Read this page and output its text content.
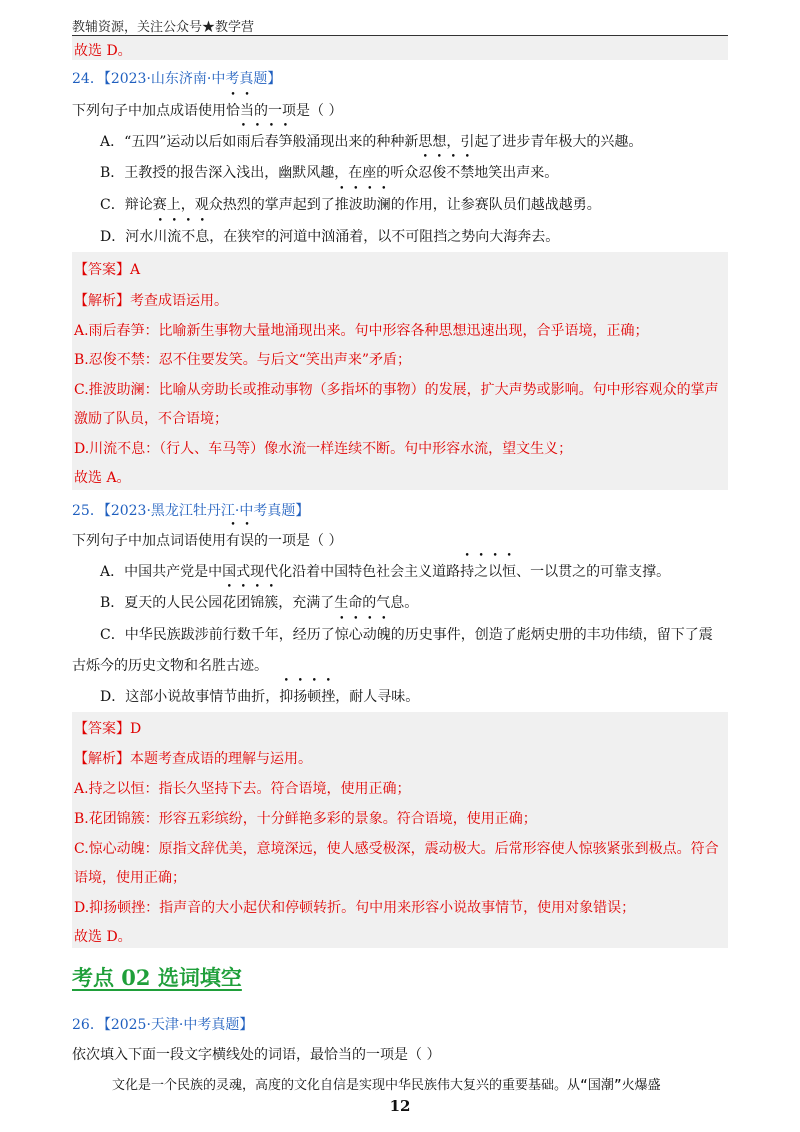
教辅资源，关注公众号★教学营
故选 D。
24．【2023·山东济南·中考真题】
下列句子中加点成语使用恰当的一项是（ ）
A．“五四”运动以后如雨后春笋般涌现出来的种种新思想，引起了进步青年极大的兴趣。
B．王教授的报告深入浅出，幽默风趣，在座的听众忍俊不禁地笑出声来。
C．辩论赛上，观众热烈的掌声起到了推波助澜的作用，让参赛队员们越战越勇。
D．河水川流不息，在狭窄的河道中汹涌着，以不可阻挡之势向大海奔去。
【答案】A
【解析】考查成语运用。
A.雨后春笋：比喻新生事物大量地涌现出来。句中形容各种思想迅速出现，合乎语境，正确；
B.忍俊不禁：忍不住要发笑。与后文“笑出声来”矛盾；
C.推波助澜：比喻从旁助长或推动事物（多指坏的事物）的发展，扩大声势或影响。句中形容观众的掌声
激励了队员，不合语境；
D.川流不息：（行人、车马等）像水流一样连续不断。句中形容水流，望文生义；
故选 A。
25．【2023·黑龙江牡丹江·中考真题】
下列句子中加点词语使用有误的一项是（ ）
A．中国共产党是中国式现代化沿着中国特色社会主义道路持之以恒、一以贯之的可靠支撑。
B．夏天的人民公园花团锦簇，充满了生命的气息。
C．中华民族跋涉前行数千年，经历了惊心动魄的历史事件，创造了彪炳史册的丰功伟绩，留下了震
古烁今的历史文物和名胜古迹。
D．这部小说故事情节曲折，抑扬顿挫，耐人寻味。
【答案】D
【解析】本题考查成语的理解与运用。
A.持之以恒：指长久坚持下去。符合语境，使用正确；
B.花团锦簇：形容五彩缤纷，十分鲜艳多彩的景象。符合语境，使用正确；
C.惊心动魄：原指文辞优美，意境深远，使人感受极深，震动极大。后常形容使人惊骇紧张到极点。符合
语境，使用正确；
D.抑扬顿挫：指声音的大小起伏和停顿转折。句中用来形容小说故事情节，使用对象错误；
故选 D。
考点 02 选词填空
26．【2025·天津·中考真题】
依次填入下面一段文字横线处的词语，最恰当的一项是（ ）
文化是一个民族的灵魂，高度的文化自信是实现中华民族伟大复兴的重要基础。从“国潮”火爆盛
12
